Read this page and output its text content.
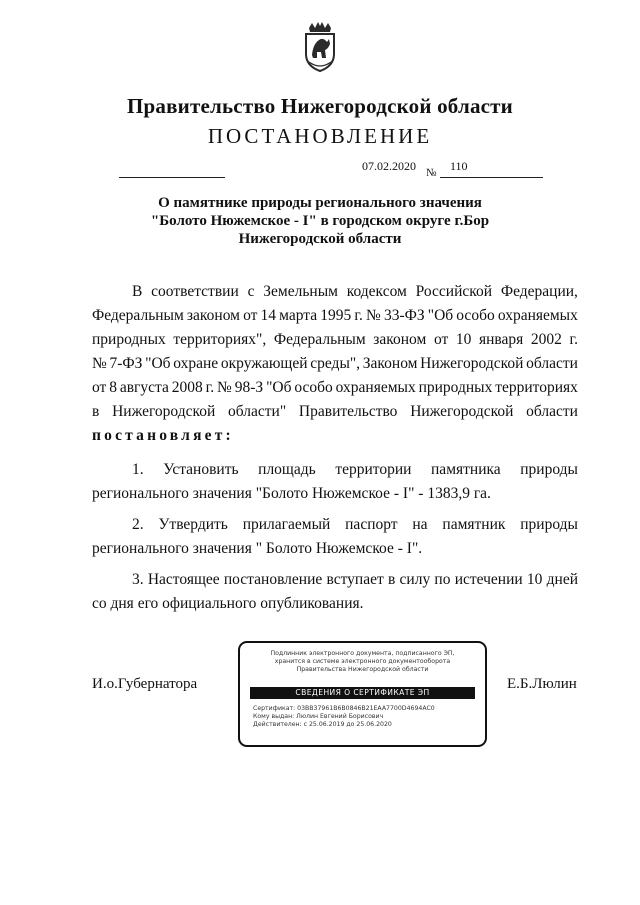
Правительство Нижегородской области
ПОСТАНОВЛЕНИЕ
07.02.2020 № 110
О памятнике природы регионального значения
"Болото Нюжемское - I" в городском округе г.Бор
Нижегородской области
В соответствии с Земельным кодексом Российской Федерации,
Федеральным законом от 14 марта 1995 г. № 33-ФЗ "Об особо охраняемых
природных территориях", Федеральным законом от 10 января 2002 г.
№ 7-ФЗ "Об охране окружающей среды", Законом Нижегородской области
от 8 августа 2008 г. № 98-З "Об особо охраняемых природных территориях
в Нижегородской области" Правительство Нижегородской области
постановляет:
1. Установить площадь территории памятника природы
регионального значения "Болото Нюжемское - I" - 1383,9 га.
2. Утвердить прилагаемый паспорт на памятник природы
регионального значения " Болото Нюжемское - I".
3. Настоящее постановление вступает в силу по истечении 10 дней
со дня его официального опубликования.
И.о.Губернатора	Е.Б.Люлин
Подлинник электронного документа, подписанного ЭП,
хранится в системе электронного документооборота
Правительства Нижегородской области
СВЕДЕНИЯ О СЕРТИФИКАТЕ ЭП
Сертификат: 03BB37961B6B0846B21EAA7700D4694AC0
Кому выдан: Люлин Евгений Борисович
Действителен: с 25.06.2019 до 25.06.2020
